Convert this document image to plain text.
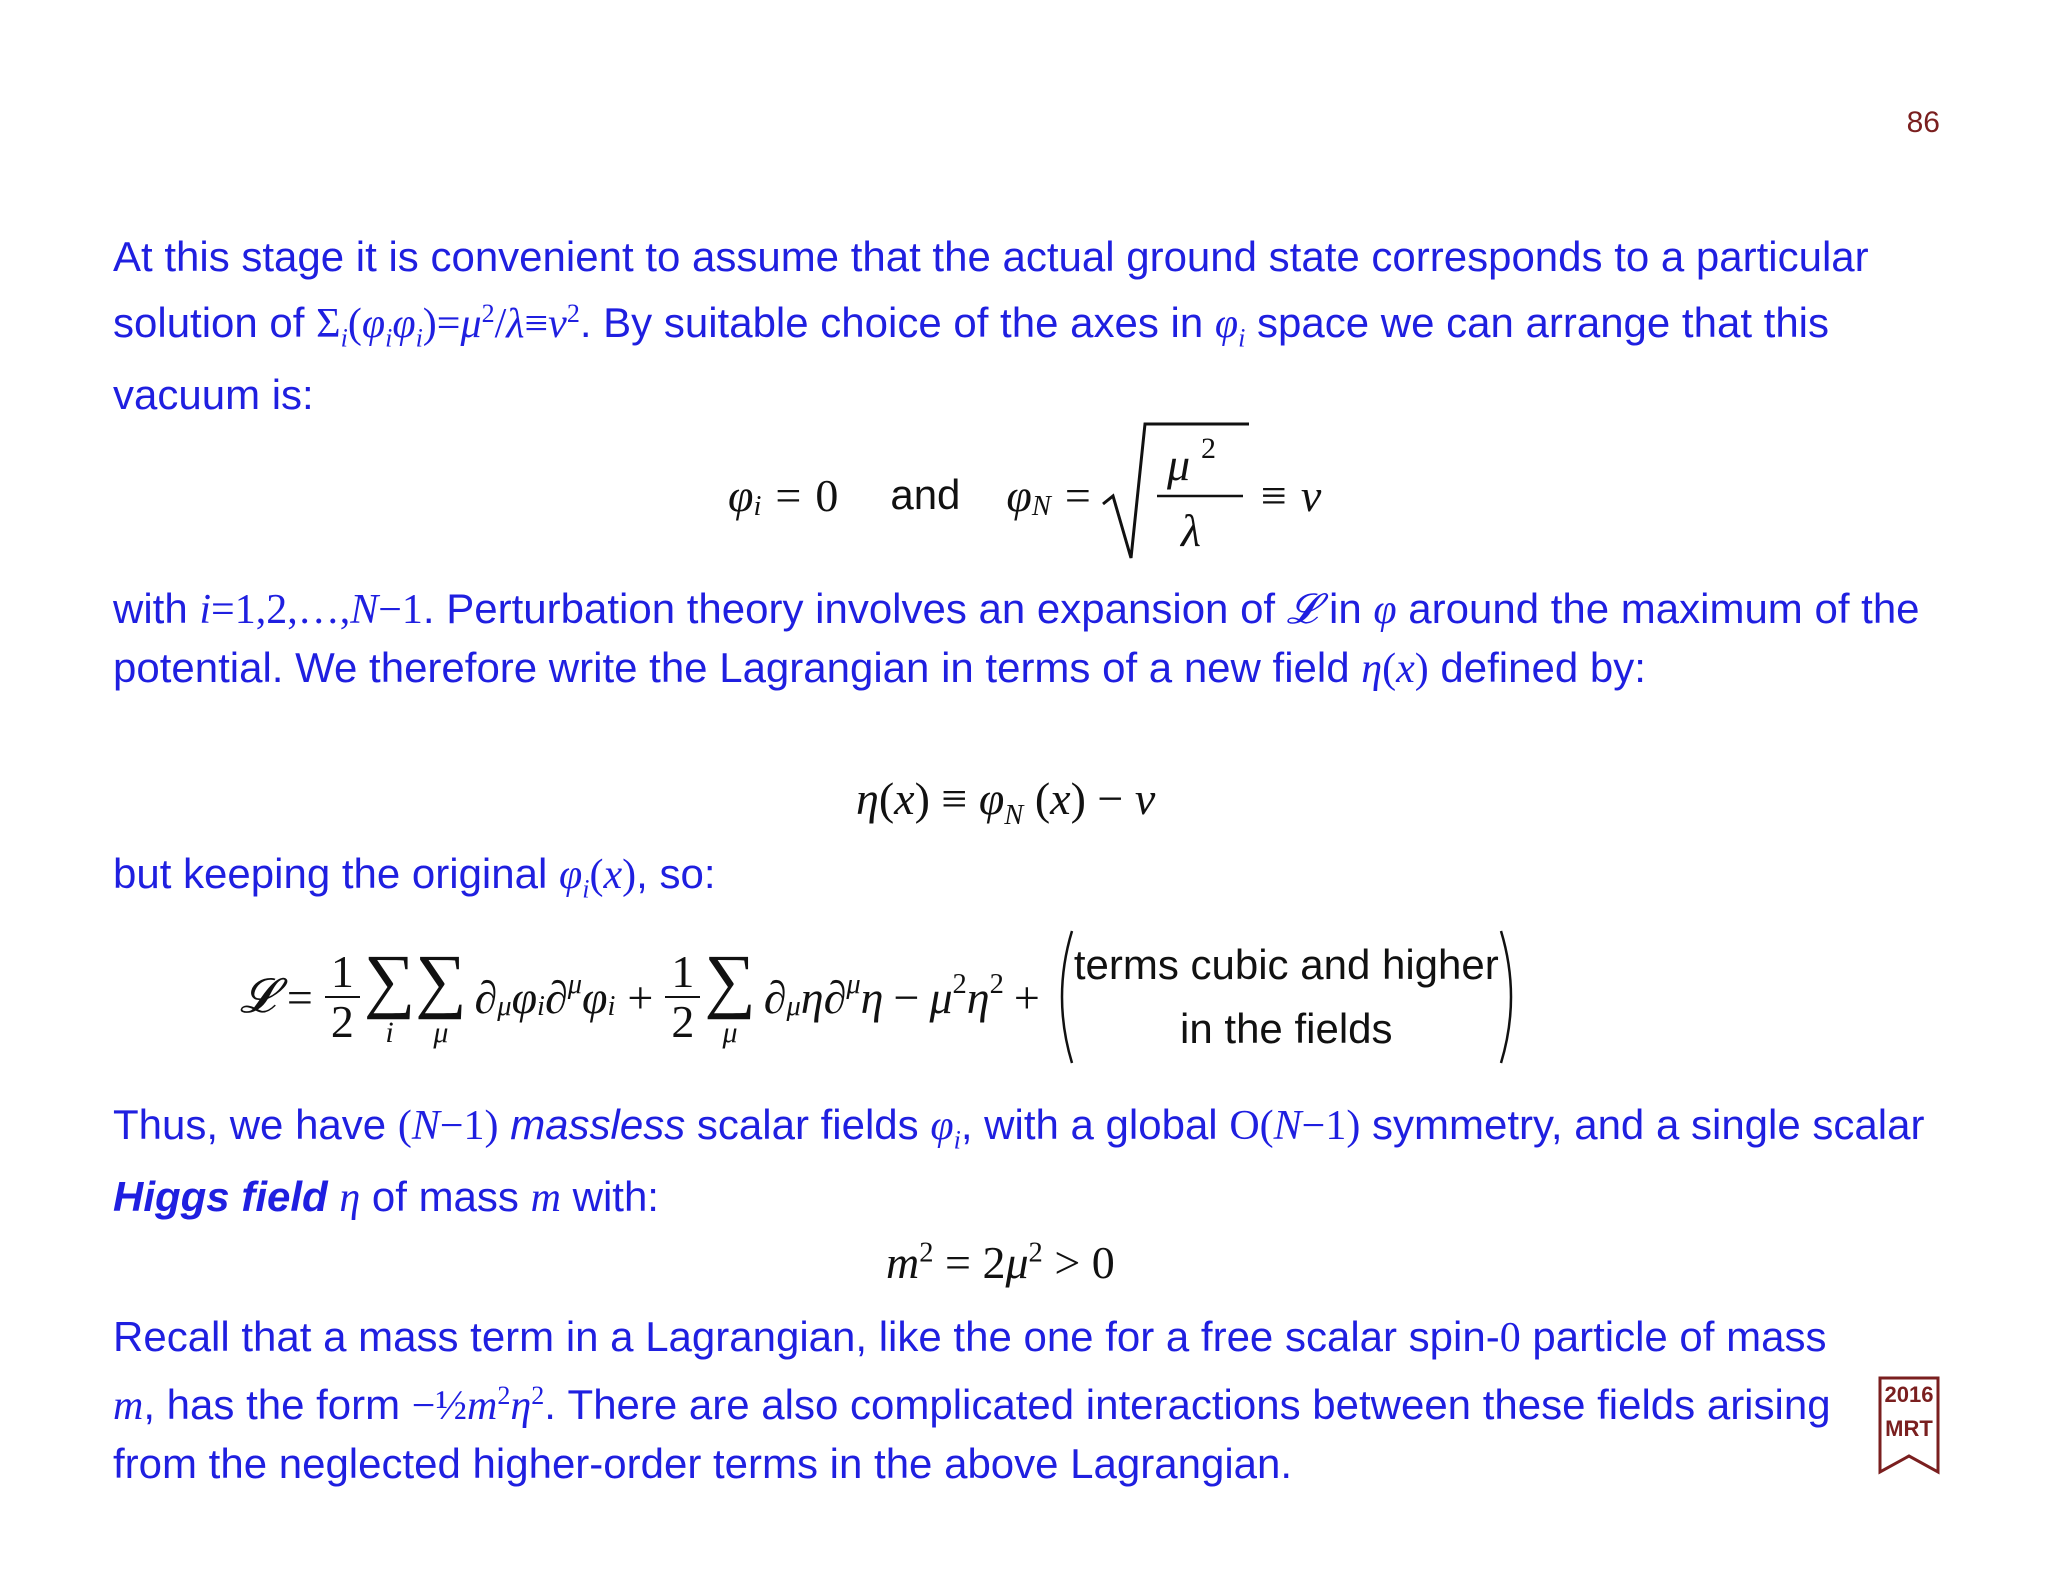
86
At this stage it is convenient to assume that the actual ground state corresponds to a particular solution of $\Sigma_i(\varphi_i\varphi_i)=\mu^2/\lambda\equiv v^2$. By suitable choice of the axes in $\varphi_i$ space we can arrange that this vacuum is:
$\varphi_i = 0$ and $\varphi_N$ =
μ 2
λ
≡ v
with i=1,2,…,N−1. Perturbation theory involves an expansion of 𝓛 in φ around the maximum of the potential. We therefore write the Lagrangian in terms of a new field η(x) defined by:
$\eta(x) \equiv \varphi_N$ (x) − v
but keeping the original $\varphi_i(x)$, so:
𝓛 = $\frac{1}{2}$ ∑
i
∑
μ
$\partial_\mu$ $\varphi_i$ ∂$^\mu$ $\varphi_i + \frac{1}{2}$ ∑
μ
$\partial_\mu$ η ∂$^\mu$ $\eta - \mu^2$ $\eta^2$ +
terms cubic and higher
in the fields
Thus, we have (N−1) massless scalar fields $\varphi_i$, with a global O(N−1) symmetry, and a single scalar Higgs field η of mass m with:
$m^2 = 2\mu^2 > 0$
Recall that a mass term in a Lagrangian, like the one for a free scalar spin-0 particle of mass m, has the form $-\frac{1}{2}m^2\eta^2$. There are also complicated interactions between these fields arising from the neglected higher-order terms in the above Lagrangian.
2016
MRT
